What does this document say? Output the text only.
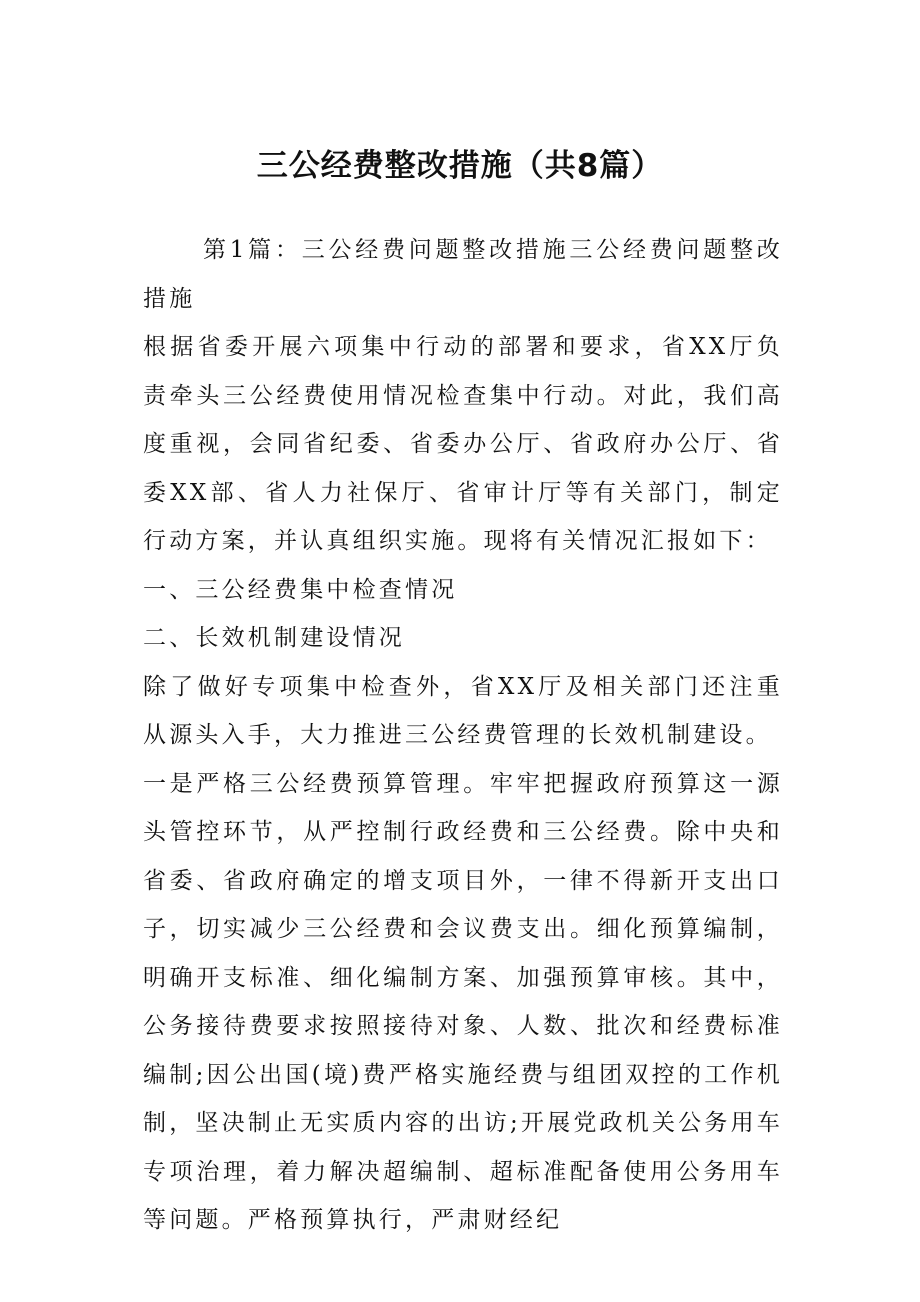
三公经费整改措施（共8篇）

第1篇：三公经费问题整改措施三公经费问题整改措施

根据省委开展六项集中行动的部署和要求，省XX厅负责牵头三公经费使用情况检查集中行动。对此，我们高度重视，会同省纪委、省委办公厅、省政府办公厅、省委XX部、省人力社保厅、省审计厅等有关部门，制定行动方案，并认真组织实施。现将有关情况汇报如下：

一、三公经费集中检查情况

二、长效机制建设情况

除了做好专项集中检查外，省XX厅及相关部门还注重从源头入手，大力推进三公经费管理的长效机制建设。

一是严格三公经费预算管理。牢牢把握政府预算这一源头管控环节，从严控制行政经费和三公经费。除中央和省委、省政府确定的增支项目外，一律不得新开支出口子，切实减少三公经费和会议费支出。细化预算编制，明确开支标准、细化编制方案、加强预算审核。其中，公务接待费要求按照接待对象、人数、批次和经费标准编制;因公出国(境)费严格实施经费与组团双控的工作机制，坚决制止无实质内容的出访;开展党政机关公务用车专项治理，着力解决超编制、超标准配备使用公务用车等问题。严格预算执行，严肃财经纪
